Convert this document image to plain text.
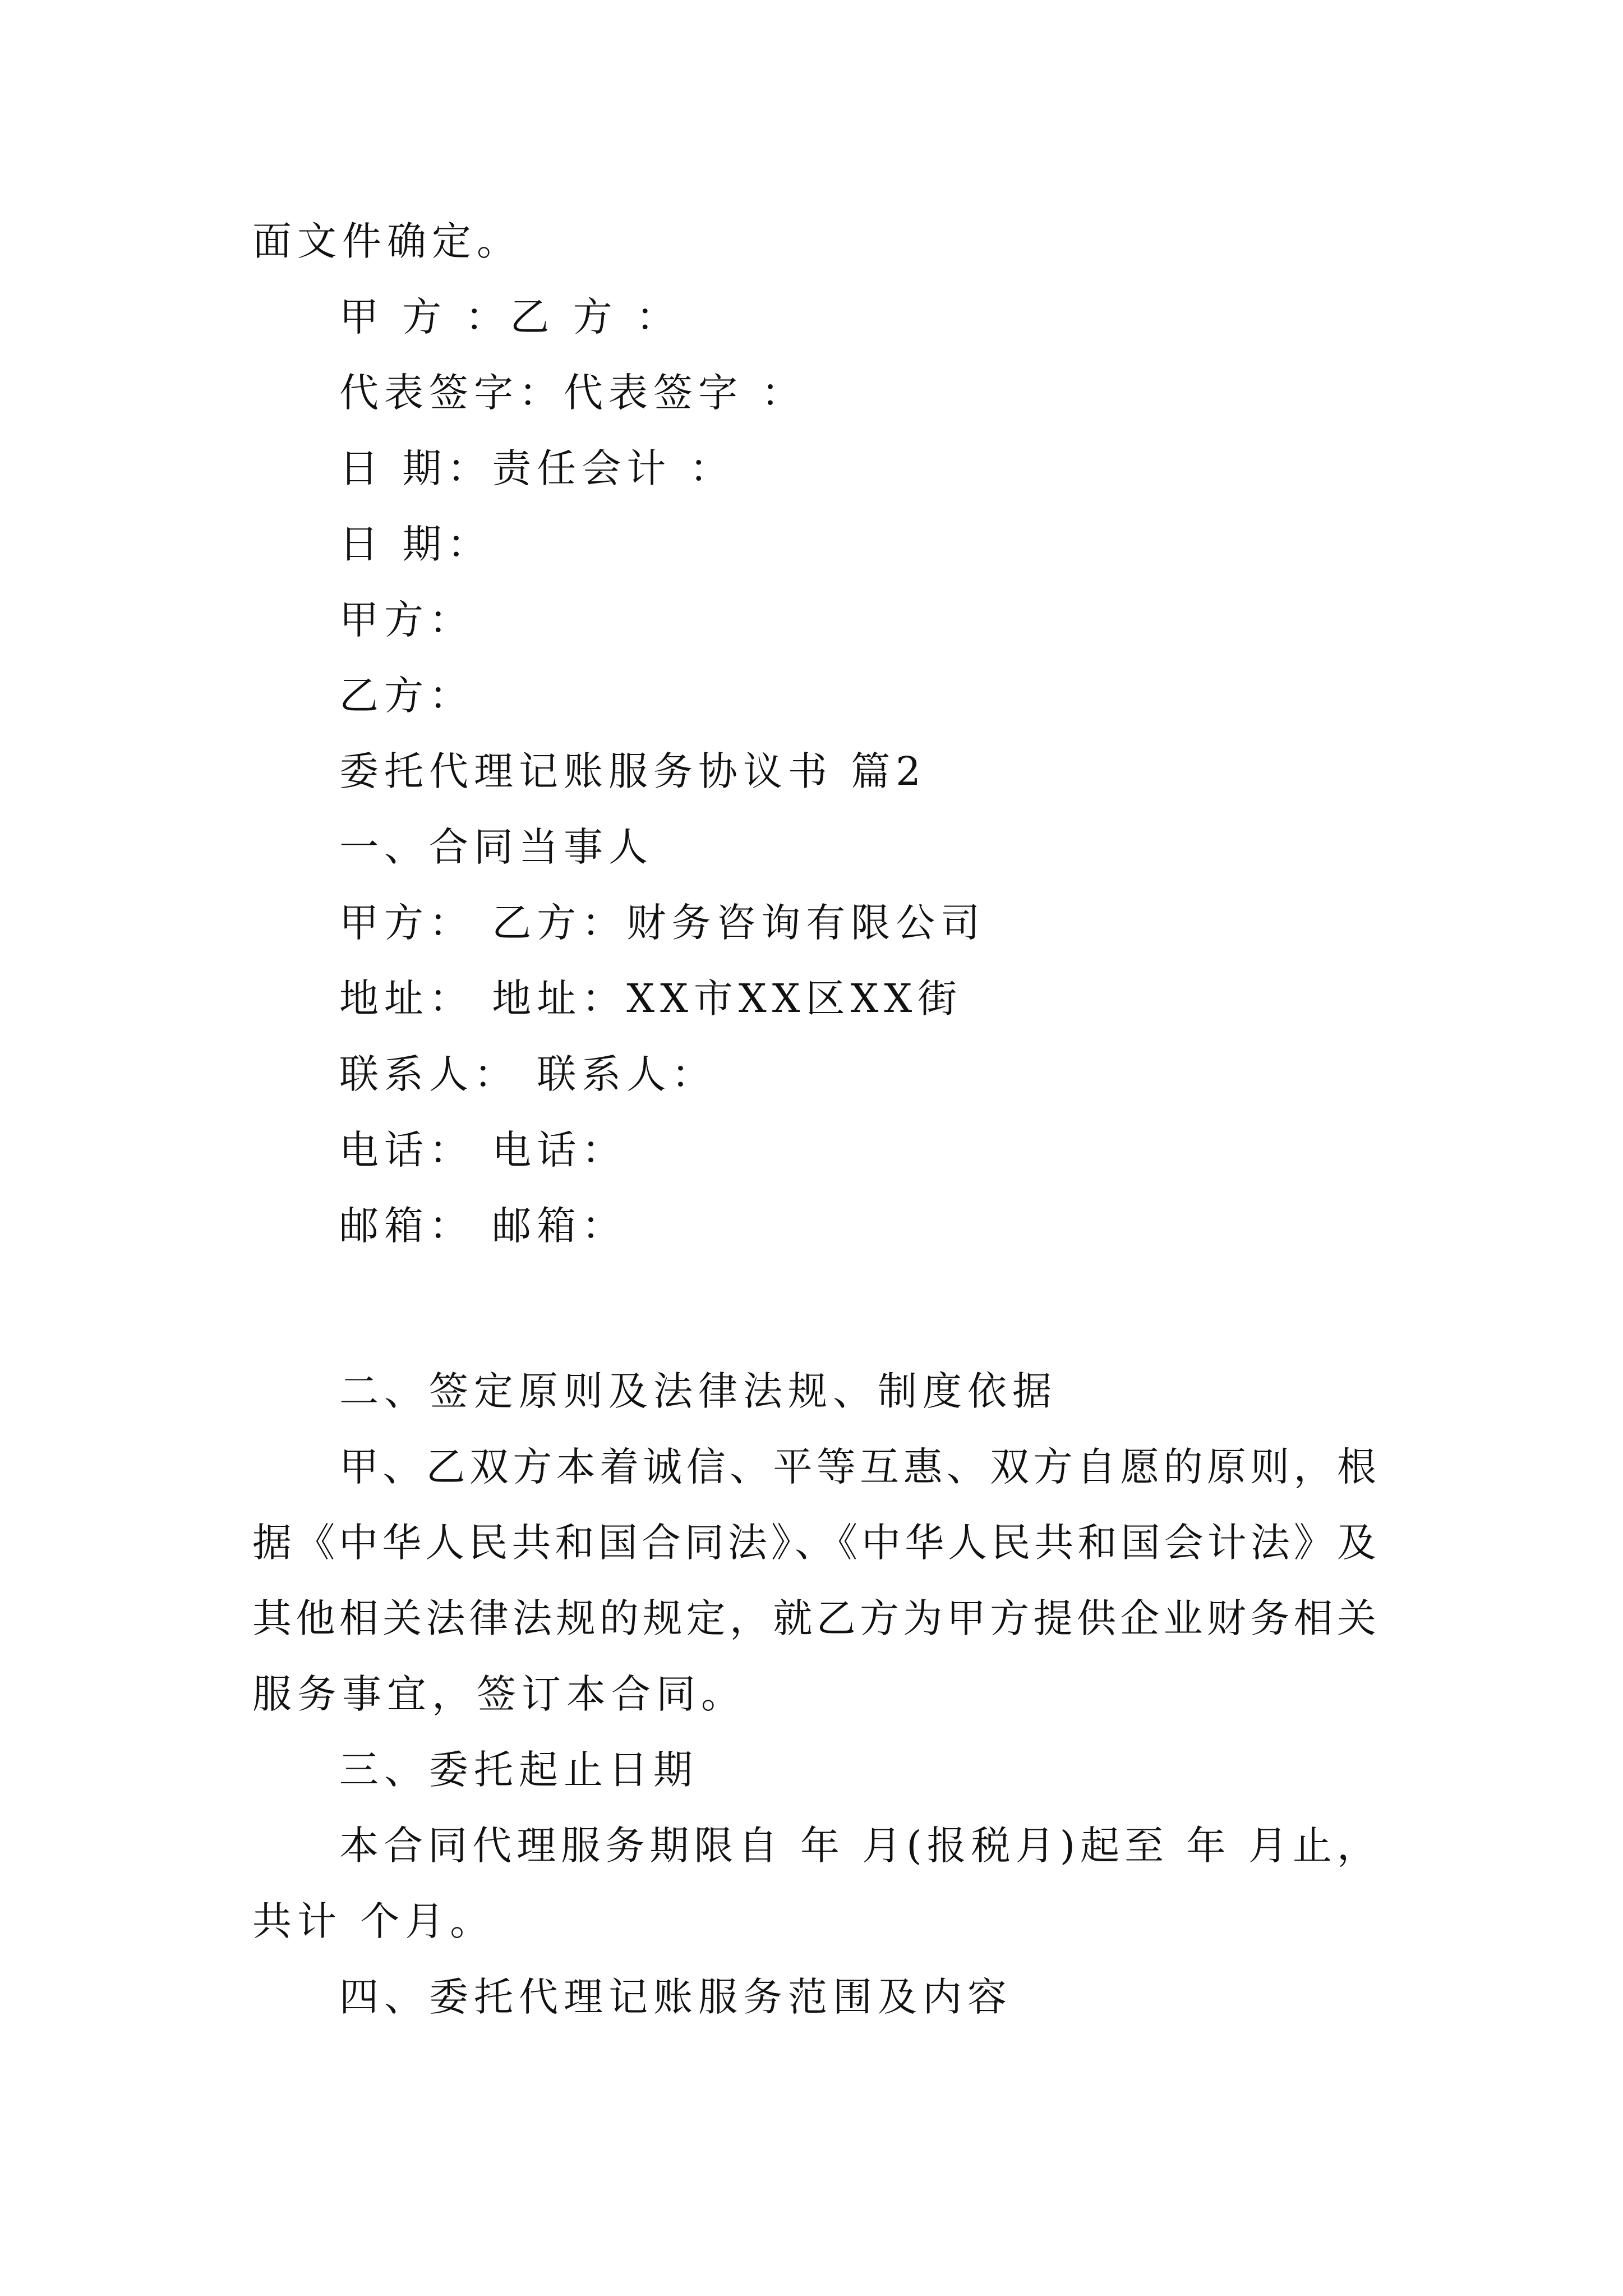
面文件确定。

甲 方 ：乙 方 ：

代表签字：代表签字 ：

日 期：责任会计 ：

日 期：

甲方：

乙方：

委托代理记账服务协议书 篇2

一、合同当事人

甲方： 乙方：财务咨询有限公司

地址： 地址：XX市XX区XX街

联系人： 联系人：

电话： 电话：

邮箱： 邮箱：

二、签定原则及法律法规、制度依据

甲、乙双方本着诚信、平等互惠、双方自愿的原则，根

据《中华人民共和国合同法》、《中华人民共和国会计法》及

其他相关法律法规的规定，就乙方为甲方提供企业财务相关

服务事宜，签订本合同。

三、委托起止日期

本合同代理服务期限自 年 月(报税月)起至 年 月止，

共计 个月。

四、委托代理记账服务范围及内容
